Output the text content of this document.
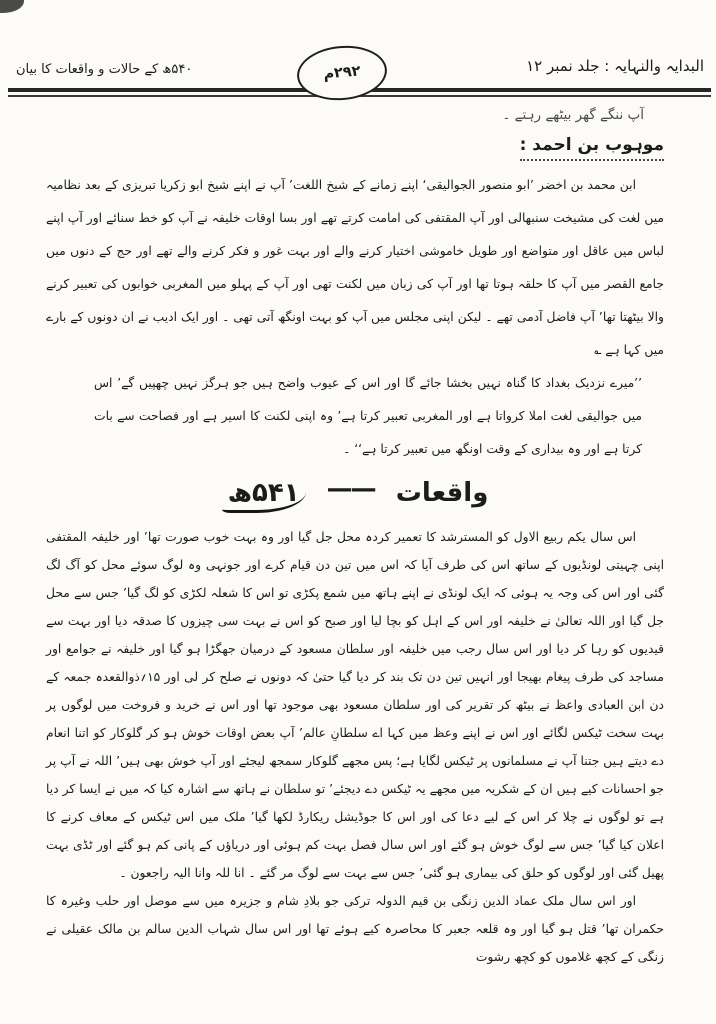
البدایہ والنہایہ : جلد نمبر ۱۲
۵۴۰ھ کے حالات و واقعات کا بیان	۲۹۲م
آپ ننگے گھر بیٹھے رہتے ۔
موہوب بن احمد :

ابن محمد بن اخضر ’ابو منصور الجوالیقی‘ اپنے زمانے کے شیخ اللغت’ آپ نے اپنے شیخ ابو زکریا تبریزی کے بعد نظامیہ میں لغت کی مشیخت سنبھالی اور آپ المقتفی کی امامت کرتے تھے اور بسا اوقات خلیفہ نے آپ کو خط سنائے اور آپ اپنے لباس میں عاقل اور متواضع اور طویل خاموشی اختیار کرنے والے اور بہت غور و فکر کرنے والے تھے اور حج کے دنوں میں جامع القصر میں آپ کا حلقہ ہوتا تھا اور آپ کی زبان میں لکنت تھی اور آپ کے پہلو میں المغربی خوابوں کی تعبیر کرنے والا بیٹھتا تھا’ آپ فاضل آدمی تھے ۔ لیکن اپنی مجلس میں آپ کو بہت اونگھ آتی تھی ۔ اور ایک ادیب نے ان دونوں کے بارے میں کہا ہے ؎

’’میرے نزدیک بغداد کا گناہ نہیں بخشا جائے گا اور اس کے عیوب واضح ہیں جو ہرگز نہیں چھپیں گے’ اس میں جوالیقی لغت املا کرواتا ہے اور المغربی تعبیر کرتا ہے’ وہ اپنی لکنت کا اسیر ہے اور فصاحت سے بات کرتا ہے اور وہ بیداری کے وقت اونگھ میں تعبیر کرتا ہے‘‘ ۔
واقعات —— ۵۴۱ھ

اس سال یکم ربیع الاول کو المسترشد کا تعمیر کردہ محل جل گیا اور وہ بہت خوب صورت تھا’ اور خلیفہ المقتفی اپنی چہیتی لونڈیوں کے ساتھ اس کی طرف آیا کہ اس میں تین دن قیام کرے اور جونہی وہ لوگ سوئے محل کو آگ لگ گئی اور اس کی وجہ یہ ہوئی کہ ایک لونڈی نے اپنے ہاتھ میں شمع پکڑی تو اس کا شعلہ لکڑی کو لگ گیا’ جس سے محل جل گیا اور اللہ تعالیٰ نے خلیفہ اور اس کے اہل کو بچا لیا اور صبح کو اس نے بہت سی چیزوں کا صدقہ دیا اور بہت سے قیدیوں کو رہا کر دیا اور اس سال رجب میں خلیفہ اور سلطان مسعود کے درمیان جھگڑا ہو گیا اور خلیفہ نے جوامع اور مساجد کی طرف پیغام بھیجا اور انہیں تین دن تک بند کر دیا گیا حتیٰ کہ دونوں نے صلح کر لی اور ۱۵؍ذوالقعدہ جمعہ کے دن ابن العبادی واعظ نے بیٹھ کر تقریر کی اور سلطان مسعود بھی موجود تھا اور اس نے خرید و فروخت میں لوگوں پر بہت سخت ٹیکس لگائے اور اس نے اپنے وعظ میں کہا اے سلطانِ عالم’ آپ بعض اوقات خوش ہو کر گلوکار کو اتنا انعام دے دیتے ہیں جتنا آپ نے مسلمانوں پر ٹیکس لگایا ہے؛ پس مجھے گلوکار سمجھ لیجئے اور آپ خوش بھی ہیں’ اللہ نے آپ پر جو احسانات کیے ہیں ان کے شکریہ میں مجھے یہ ٹیکس دے دیجئے’ تو سلطان نے ہاتھ سے اشارہ کیا کہ میں نے ایسا کر دیا ہے تو لوگوں نے چلا کر اس کے لیے دعا کی اور اس کا جوڈیشل ریکارڈ لکھا گیا’ ملک میں اس ٹیکس کے معاف کرنے کا اعلان کیا گیا’ جس سے لوگ خوش ہو گئے اور اس سال فصل بہت کم ہوئی اور دریاؤں کے پانی کم ہو گئے اور ٹڈی بہت پھیل گئی اور لوگوں کو حلق کی بیماری ہو گئی’ جس سے بہت سے لوگ مر گئے ۔ انا للہ وانا الیہ راجعون ۔

اور اس سال ملک عماد الدین زنگی بن قیم الدولہ ترکی جو بلادِ شام و جزیرہ میں سے موصل اور حلب وغیرہ کا حکمران تھا’ قتل ہو گیا اور وہ قلعہ جعبر کا محاصرہ کیے ہوئے تھا اور اس سال شہاب الدین سالم بن مالک عقیلی نے زنگی کے کچھ غلاموں کو کچھ رشوت
